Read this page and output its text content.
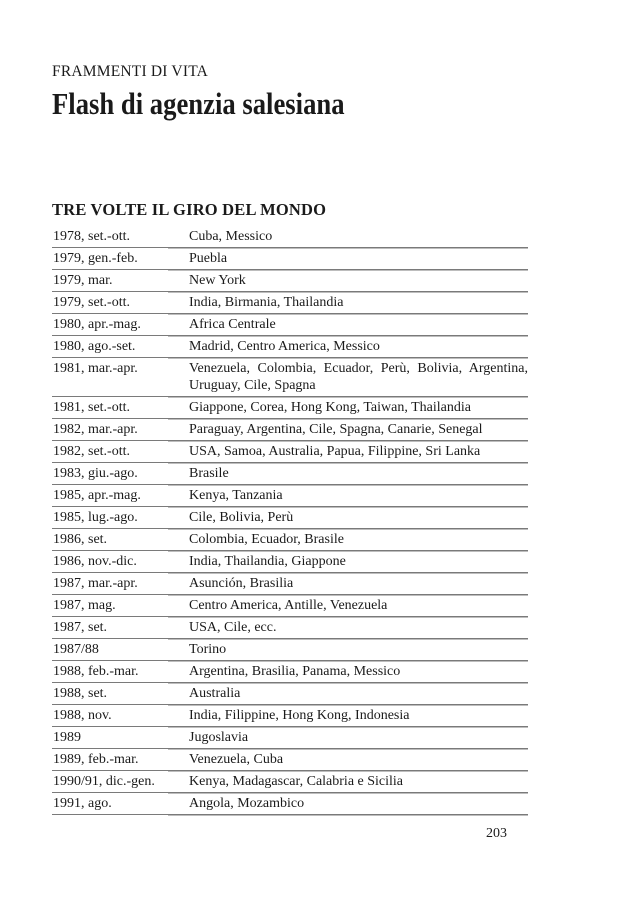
FRAMMENTI DI VITA
Flash di agenzia salesiana
TRE VOLTE IL GIRO DEL MONDO
1978, set.-ott.	Cuba, Messico
1979, gen.-feb.	Puebla
1979, mar.	New York
1979, set.-ott.	India, Birmania, Thailandia
1980, apr.-mag.	Africa Centrale
1980, ago.-set.	Madrid, Centro America, Messico
1981, mar.-apr.	Venezuela, Colombia, Ecuador, Perù, Bolivia, Argentina, Uruguay, Cile, Spagna
1981, set.-ott.	Giappone, Corea, Hong Kong, Taiwan, Thailandia
1982, mar.-apr.	Paraguay, Argentina, Cile, Spagna, Canarie, Senegal
1982, set.-ott.	USA, Samoa, Australia, Papua, Filippine, Sri Lanka
1983, giu.-ago.	Brasile
1985, apr.-mag.	Kenya, Tanzania
1985, lug.-ago.	Cile, Bolivia, Perù
1986, set.	Colombia, Ecuador, Brasile
1986, nov.-dic.	India, Thailandia, Giappone
1987, mar.-apr.	Asunción, Brasilia
1987, mag.	Centro America, Antille, Venezuela
1987, set.	USA, Cile, ecc.
1987/88	Torino
1988, feb.-mar.	Argentina, Brasilia, Panama, Messico
1988, set.	Australia
1988, nov.	India, Filippine, Hong Kong, Indonesia
1989	Jugoslavia
1989, feb.-mar.	Venezuela, Cuba
1990/91, dic.-gen.	Kenya, Madagascar, Calabria e Sicilia
1991, ago.	Angola, Mozambico
203
